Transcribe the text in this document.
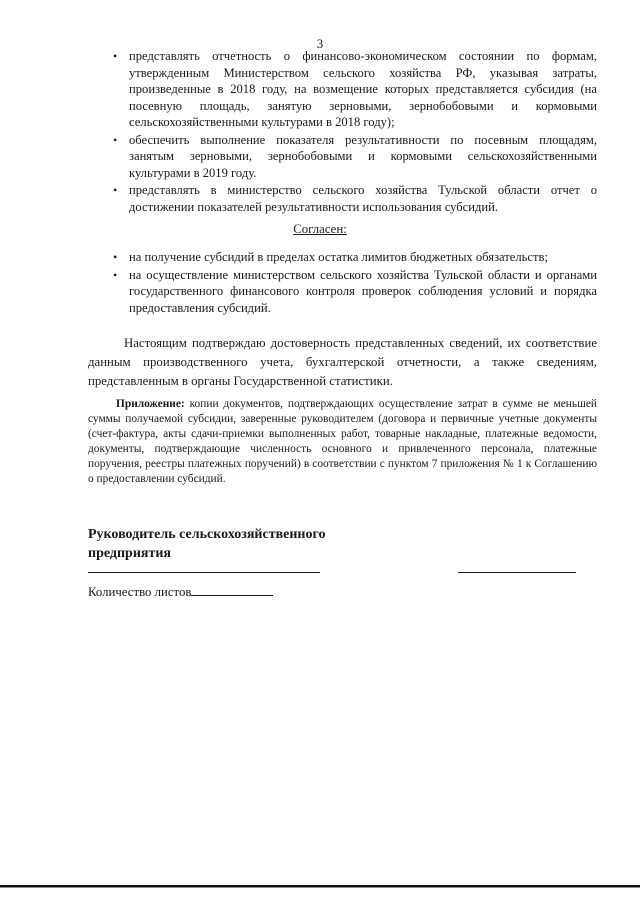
3
• представлять отчетность о финансово-экономическом состоянии по формам, утвержденным Министерством сельского хозяйства РФ, указывая затраты, произведенные в 2018 году, на возмещение которых представляется субсидия (на посевную площадь, занятую зерновыми, зернобобовыми и кормовыми сельскохозяйственными культурами в 2018 году);
• обеспечить выполнение показателя результативности по посевным площадям, занятым зерновыми, зернобобовыми и кормовыми сельскохозяйственными культурами в 2019 году.
• представлять в министерство сельского хозяйства Тульской области отчет о достижении показателей результативности использования субсидий.
Согласен:
• на получение субсидий в пределах остатка лимитов бюджетных обязательств;
• на осуществление министерством сельского хозяйства Тульской области и органами государственного финансового контроля проверок соблюдения условий и порядка предоставления субсидий.

Настоящим подтверждаю достоверность представленных сведений, их соответствие данным производственного учета, бухгалтерской отчетности, а также сведениям, представленным в органы Государственной статистики.

Приложение: копии документов, подтверждающих осуществление затрат в сумме не меньшей суммы получаемой субсидии, заверенные руководителем (договора и первичные учетные документы (счет-фактура, акты сдачи-приемки выполненных работ, товарные накладные, платежные ведомости, документы, подтверждающие численность основного и привлеченного персонала, платежные поручения, реестры платежных поручений) в соответствии с пунктом 7 приложения № 1 к Соглашению о предоставлении субсидий.

Руководитель сельскохозяйственного предприятия
Количество листов
